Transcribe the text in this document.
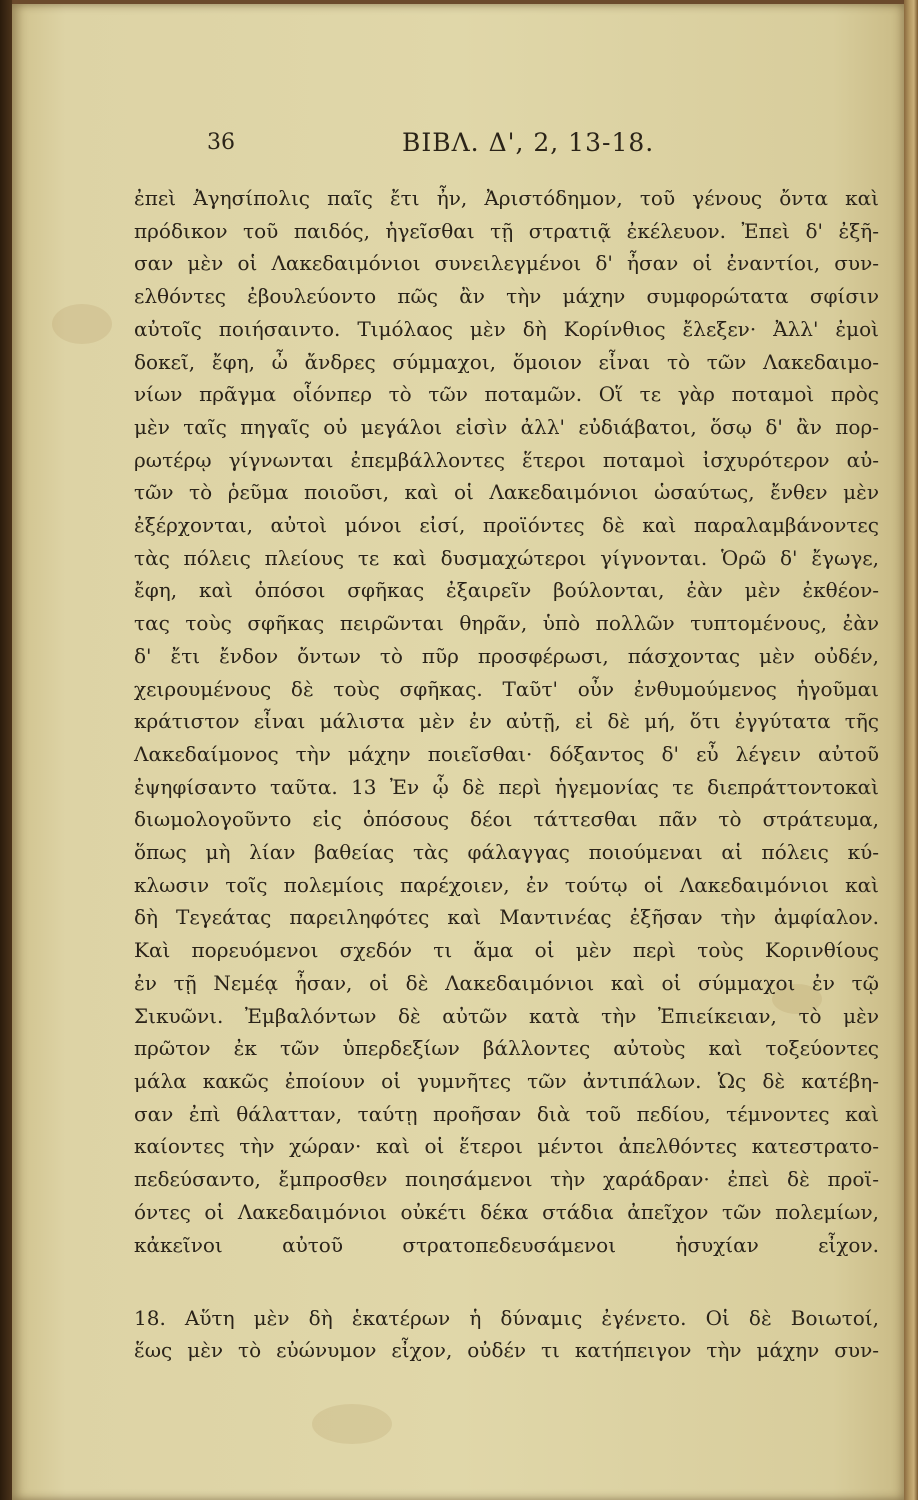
36	ΒΙΒΛ. Δ', 2, 13-18.
ἐπεὶ Ἀγησίπολις παῖς ἔτι ἦν, Ἀριστόδημον, τοῦ γένους ὄντα καὶ
πρόδικον τοῦ παιδός, ἡγεῖσθαι τῇ στρατιᾷ ἐκέλευον. Ἐπεὶ δ' ἐξῆ-
σαν μὲν οἱ Λακεδαιμόνιοι συνειλεγμένοι δ' ἦσαν οἱ ἐναντίοι, συν-
ελθόντες ἐβουλεύοντο πῶς ἂν τὴν μάχην συμφορώτατα σφίσιν
αὐτοῖς ποιήσαιντο. Τιμόλαος μὲν δὴ Κορίνθιος ἔλεξεν· Ἀλλ' ἐμοὶ
δοκεῖ, ἔφη, ὦ ἄνδρες σύμμαχοι, ὅμοιον εἶναι τὸ τῶν Λακεδαιμο-
νίων πρᾶγμα οἷόνπερ τὸ τῶν ποταμῶν. Οἵ τε γὰρ ποταμοὶ πρὸς
μὲν ταῖς πηγαῖς οὐ μεγάλοι εἰσὶν ἀλλ' εὐδιάβατοι, ὅσῳ δ' ἂν πορ-
ρωτέρῳ γίγνωνται ἐπεμβάλλοντες ἕτεροι ποταμοὶ ἰσχυρότερον αὐ-
τῶν τὸ ῥεῦμα ποιοῦσι, καὶ οἱ Λακεδαιμόνιοι ὡσαύτως, ἔνθεν μὲν
ἐξέρχονται, αὐτοὶ μόνοι εἰσί, προϊόντες δὲ καὶ παραλαμβάνοντες
τὰς πόλεις πλείους τε καὶ δυσμαχώτεροι γίγνονται. Ὁρῶ δ' ἔγωγε,
ἔφη, καὶ ὁπόσοι σφῆκας ἐξαιρεῖν βούλονται, ἐὰν μὲν ἐκθέον-
τας τοὺς σφῆκας πειρῶνται θηρᾶν, ὑπὸ πολλῶν τυπτομένους, ἐὰν
δ' ἔτι ἔνδον ὄντων τὸ πῦρ προσφέρωσι, πάσχοντας μὲν οὐδέν,
χειρουμένους δὲ τοὺς σφῆκας. Ταῦτ' οὖν ἐνθυμούμενος ἡγοῦμαι
κράτιστον εἶναι μάλιστα μὲν ἐν αὐτῇ, εἰ δὲ μή, ὅτι ἐγγύτατα τῆς
Λακεδαίμονος τὴν μάχην ποιεῖσθαι· δόξαντος δ' εὖ λέγειν αὐτοῦ
ἐψηφίσαντο ταῦτα. 13 Ἐν ᾧ δὲ περὶ ἡγεμονίας τε διεπράττοντοκαὶ
διωμολογοῦντο εἰς ὁπόσους δέοι τάττεσθαι πᾶν τὸ στράτευμα,
ὅπως μὴ λίαν βαθείας τὰς φάλαγγας ποιούμεναι αἱ πόλεις κύ-
κλωσιν τοῖς πολεμίοις παρέχοιεν, ἐν τούτῳ οἱ Λακεδαιμόνιοι καὶ
δὴ Τεγεάτας παρειληφότες καὶ Μαντινέας ἐξῆσαν τὴν ἀμφίαλον.
Καὶ πορευόμενοι σχεδόν τι ἅμα οἱ μὲν περὶ τοὺς Κορινθίους
ἐν τῇ Νεμέᾳ ἦσαν, οἱ δὲ Λακεδαιμόνιοι καὶ οἱ σύμμαχοι ἐν τῷ
Σικυῶνι. Ἐμβαλόντων δὲ αὐτῶν κατὰ τὴν Ἐπιείκειαν, τὸ μὲν
πρῶτον ἐκ τῶν ὑπερδεξίων βάλλοντες αὐτοὺς καὶ τοξεύοντες
μάλα κακῶς ἐποίουν οἱ γυμνῆτες τῶν ἀντιπάλων. Ὡς δὲ κατέβη-
σαν ἐπὶ θάλατταν, ταύτῃ προῆσαν διὰ τοῦ πεδίου, τέμνοντες καὶ
καίοντες τὴν χώραν· καὶ οἱ ἕτεροι μέντοι ἀπελθόντες κατεστρατο-
πεδεύσαντο, ἔμπροσθεν ποιησάμενοι τὴν χαράδραν· ἐπεὶ δὲ προϊ-
όντες οἱ Λακεδαιμόνιοι οὐκέτι δέκα στάδια ἀπεῖχον τῶν πολεμίων,
κἀκεῖνοι αὐτοῦ στρατοπεδευσάμενοι ἡσυχίαν εἶχον.
18. Αὕτη μὲν δὴ ἑκατέρων ἡ δύναμις ἐγένετο. Οἱ δὲ Βοιωτοί,
ἕως μὲν τὸ εὐώνυμον εἶχον, οὐδέν τι κατήπειγον τὴν μάχην συν-
